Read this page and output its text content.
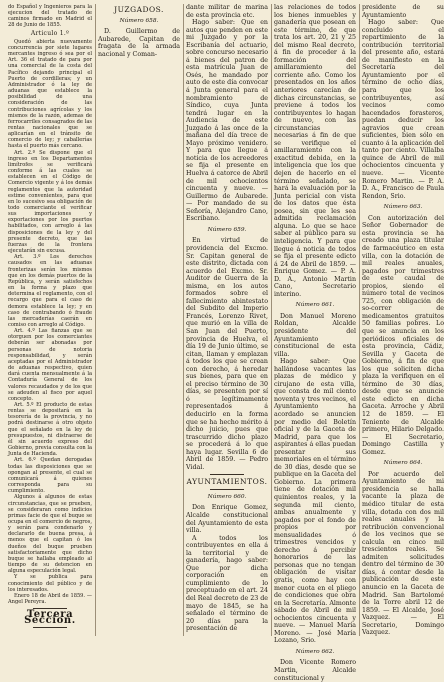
do Español y Ingenieros para la ejecucion del tratado de caminos firmado en Madrid el 28 de Junio de 1855.

Articulo 1.º

Quedó abierta nuevamente concurrencia por siete lugares mercantes ingreso ó sea por el Art. 36 el tratado de para por una comercial de la costa del Pacífico dejando principal el Puerto de cordilleras; y un Administrador ó la ley de aduanas que establece la posibilidad de una consideración de las contribuciones agrícolas y los mismos de la razón, ademas de ferrocarriles consagrados de las rentas nacionales que se aplicarían en el tránsito de comercio de ley; y caballerías hasta el puerto más cercano.

Art. 2.º Se dispone que el ingreso en los Departamentos limítrofes se verificará conforme á las cuales se establecen en el Código de Comercio vigente y á los demás reglamentos que la autoridad estime convenientes, para que en lo sucesivo sea obligación de todo comerciante el verificar sus importaciones y exportaciones por los puertos habilitados, con arreglo á las disposiciones de la ley y del presente decreto, que las fuerzas de la frontera ejecutarán sin excusa.

Art. 3.º Los derechos causados en las aduanas fronterizas serán los mismos que en los demás puertos de la República, y serán satisfechos en la forma y plazo que determina el reglamento, con el recargo que para el caso de demora establece la ley; y en caso de contrabando ó fraude las mercaderías caerán en comiso con arreglo al Código.

Art. 4.º Las fianzas que se otorguen por los comerciantes deberán ser abonadas por personas de notoria responsabilidad, y serán aceptadas por el Administrador de aduanas respectivo, quien dará cuenta mensualmente á la Contaduría General de los valores recaudados y de los que se adeuden al fisco por aquel concepto.

Art. 5.º El producto de estas rentas se depositará en la tesorería de la provincia, y no podrá destinarse á otro objeto que el señalado en la ley de presupuestos, ni distraerse de él sin acuerdo expreso del Gobierno, previa consulta con la Junta de Hacienda.

Art. 6.º Quedan derogadas todas las disposiciones que se opongan al presente, el cual se comunicará á quienes corresponda para su cumplimiento.

Algunos á algunos de estas circunstancias, que se prueben, se consideraran como indicios primas facie de que el buque se ocupa en el comercio de negros, y serán para condenarlo y declararlo de buena presa, á menos que el capitan ó los dueños del buque prueben satisfactoriamente que dicho buque se hallaba empleado al tiempo de su detencion en alguna especulación legal.

Y se publica para conocimiento del público y de los interesados.

Enero 18 de Abril de 1859. — Angel Pereyra.

Tercera Seccion.

JUZGADOS.

Número 658.

D. Guillermo de Aubarede, Capitan de fragata de la armada nacional y Coman-

dante militar de marina de esta provincia etc.

Hago saber: Que en autos que penden en este mi Juzgado y por la Escribanía del actuario, sobre concurso necesario á bienes del patron de esta matrícula Juan de Osés, he mandado por auto de este día convocar á Junta general para el nombramiento de Síndico, cuya Junta tendrá lugar en la Audiencia de este Juzgado á las once de la mañana del día trece de Mayo próximo venidero. Y para que llegue á noticia de los acreedores se fija el presente en Huelva á catorce de Abril de mil ochocientos cincuenta y nueve. — Guillermo de Aubarede. — Por mandado de su Señoría, Alejandro Cano, Escribano.

Número 659.

En virtud de providencia del Excmo. Sr. Capitan general de este distrito, dictada con acuerdo del Excmo. Sr. Auditor de Guerra de la misma, en los autos formados sobre el fallecimiento abintestato del Subdito del Imperio Francés, Lorenzo Rivet, que murió en la villa de San Juan del Puerto, provincia de Huelva, el día 19 de Junio último, se citan, llaman y emplazan á todos los que se crean con derecho, á heredar sus bienes, para que en el preciso término de 30 días, se presenten por sí ó legítimamente representados á deducirlo en la forma que se ha hecho mérito á dicho juicio, pues que trascurrido dicho plazo se procederá á lo que haya lugar. Sevilla 6 de Abril de 1859. — Pedro Vidal.

AYUNTAMIENTOS.

Número 660.

Don Enrique Gomez, Alcalde constitucional del Ayuntamiento de esta villa.

A todos los contribuyentes en ella á la territorial y de ganadería, hago saber: Que por dicha corporación en cumplimiento de lo preceptuado en el art. 24 del Real decreto de 23 de mayo de 1845, se ha señalado el término de 20 días para la presentación de

las relaciones de todos los bienes inmuebles y ganadería que posean en este término, de que trata los art. 20, 21 y 25 del mismo Real decreto, á fin de proceder á la formación del amillaramiento del corriente año. Como los presentados en los años anteriores carecían de dichas circunstancias, se previene á todos los contribuyentes lo hagan de nuevo, con las circunstancias necesarias á fin de que se verifique el amillaramiento con la exactitud debida, en la inteligencia que los que dejen de hacerlo en el término señalado, se hará la evaluación por la Junta pericial con vista de los datos que ésta posea, sin que les sea admitida reclamación alguna. Lo que se hace saber al público para su inteligencia. Y para que llegue á noticia de todos se fija el presente edicto á 24 de Abril de 1859. — Enrique Gomez. — P. A. D. A., Antonio Martin Cano, Secretario interino.

Número 661.

Don Manuel Moreno Roldan, Alcalde presidente del Ayuntamiento constitucional de esta villa.

Hago saber: Que hallándose vacantes las plazas de médico y cirujano de esta villa, que consta de mil ciento noventa y tres vecinos, el Ayuntamiento ha acordado se anuncien por medio del Boletín oficial y de la Gaceta de Madrid, para que los aspirantes á ellas puedan presentar sus memoriales en el término de 30 días, desde que se publique en la Gaceta del Gobierno. La primera tiene de dotación mil quinientos reales, y la segunda mil ciento, ambas anualmente y pagados por el fondo de propios por mensualidades ó trimestres vencidos y derecho á percibir honorarios de las personas que no tengan obligación de visitar gratis, como hay con menor cuota en el pliego de condiciones que obra en la Secretaría. Almonte sábado de Abril de mil ochocientos cincuenta y nueve. — Manuel María Moreno. — José María Lozano, Srio.

Número 662.

Don Vicente Romero Martin, Alcalde constitucional y

presidente de su Ayuntamiento

Hago saber: Que concluido el repartimiento de la contribución territorial del presente año, estará de manifiesto en la Secretaría del Ayuntamiento por el término de ocho días, para que los contribuyentes, así vecinos como hacendados forasteros, puedan deducir los agravios que crean suficientes, bien sólo en cuanto á la aplicación del tanto por ciento. Villalba quince de Abril de mil ochocientos cincuenta y nueve. — Vicente Romero Martin. — P. A. D. A., Francisco de Paula Rendon, Srio.

Número 663.

Con autorización del Señor Gobernador de esta provincia se ha creado una plaza titular de farmacéutico en esta villa, con la dotación de mil reales anuales, pagados por trimestres de este caudal de propios, siendo el número total de vecinos 725, con obligación de so-correr de medicamentos gratuitos 50 familias pobres. Lo que se anuncia en los periódicos oficiales de esta provincia, Cádiz, Sevilla y Gaceta de Gobierno, á fin de que los que soliciten dicha plaza la verifiquen en el término de 30 días, desde que se anuncie este edicto en dicha Gaceta. Arroche y Abril 12 de 1859. — El Teniente de Alcalde primero, Hilario Delgado. — El Secretario, Domingo Castilla y Gomez.

Número 664.

Por acuerdo del Ayuntamiento de mi presidencia se halla vacante la plaza de médico titular de esta villa, dotada con dos mil reales anuales y la retribución convencional de los vecinos que se calcula en cinco mil trescientos reales. Se admiten solicitudes dentro del término de 30 días, á contar desde la publicación de este anuncio en la Gaceta de Madrid. San Bartolomé de la Torre abril 12 de 1859. — El Alcalde, José Vazquez. — El Secretario, Domingo Vazquez.
